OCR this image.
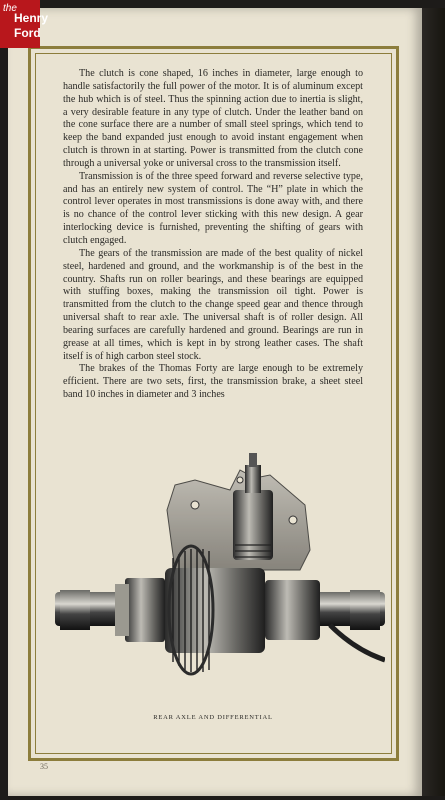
the
Henry
Ford

The clutch is cone shaped, 16 inches in diameter, large enough to handle satisfactorily the full power of the motor. It is of aluminum except the hub which is of steel. Thus the spinning action due to inertia is slight, a very desirable feature in any type of clutch. Under the leather band on the cone surface there are a number of small steel springs, which tend to keep the band expanded just enough to avoid instant engagement when clutch is thrown in at starting. Power is transmitted from the clutch cone through a universal yoke or universal cross to the transmission itself.

Transmission is of the three speed forward and reverse selective type, and has an entirely new system of control. The “H” plate in which the control lever operates in most transmissions is done away with, and there is no chance of the control lever sticking with this new design. A gear interlocking device is furnished, preventing the shifting of gears with clutch engaged.

The gears of the transmission are made of the best quality of nickel steel, hardened and ground, and the workmanship is of the best in the country. Shafts run on roller bearings, and these bearings are equipped with stuffing boxes, making the transmission oil tight. Power is transmitted from the clutch to the change speed gear and thence through universal shaft to rear axle. The universal shaft is of roller design. All bearing surfaces are carefully hardened and ground. Bearings are run in grease at all times, which is kept in by strong leather cases. The shaft itself is of high carbon steel stock.

The brakes of the Thomas Forty are large enough to be extremely efficient. There are two sets, first, the transmission brake, a sheet steel band 10 inches in diameter and 3 inches

REAR AXLE AND DIFFERENTIAL
35
